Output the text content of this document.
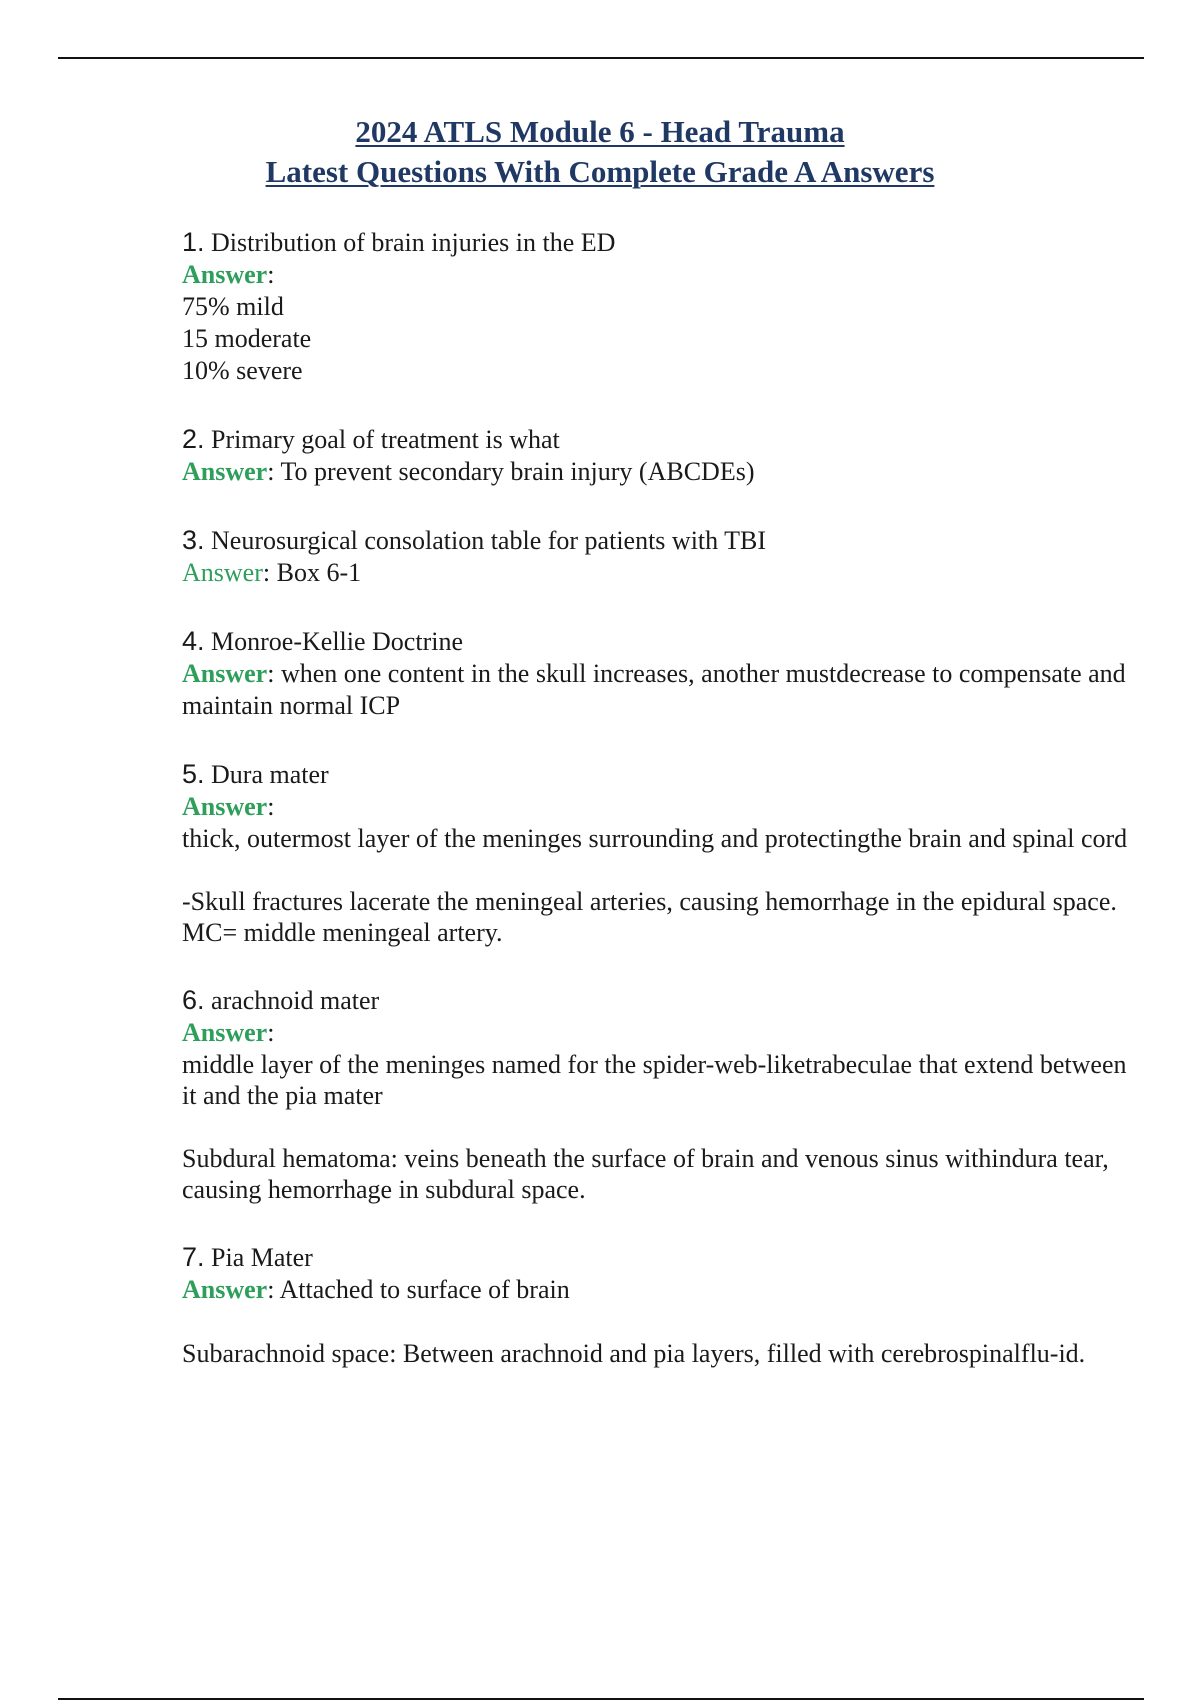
2024 ATLS Module 6 - Head Trauma
Latest Questions With Complete Grade A Answers

1. Distribution of brain injuries in the ED

Answer:

75% mild

15 moderate

10% severe

2. Primary goal of treatment is what

Answer: To prevent secondary brain injury (ABCDEs)

3. Neurosurgical consolation table for patients with TBI

Answer: Box 6-1

4. Monroe-Kellie Doctrine

Answer: when one content in the skull increases, another mustdecrease to compensate and maintain normal ICP

5. Dura mater

Answer:

thick, outermost layer of the meninges surrounding and protectingthe brain and spinal cord

-Skull fractures lacerate the meningeal arteries, causing hemorrhage in the epidural space. MC= middle meningeal artery.

6. arachnoid mater

Answer:

middle layer of the meninges named for the spider-web-liketrabeculae that extend between it and the pia mater

Subdural hematoma: veins beneath the surface of brain and venous sinus withindura tear, causing hemorrhage in subdural space.

7. Pia Mater

Answer: Attached to surface of brain

Subarachnoid space: Between arachnoid and pia layers, filled with cerebrospinalflu-id.
